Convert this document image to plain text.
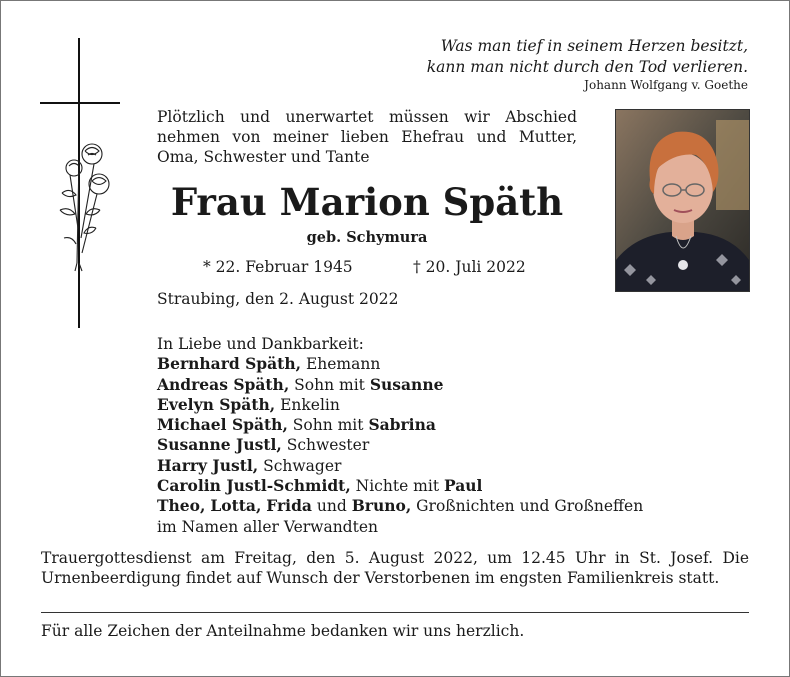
Was man tief in seinem Herzen besitzt,
kann man nicht durch den Tod verlieren.
Johann Wolfgang v. Goethe
Plötzlich und unerwartet müssen wir Abschied nehmen von meiner lieben Ehefrau und Mutter, Oma, Schwester und Tante
Frau Marion Späth
geb. Schymura
* 22. Februar 1945	† 20. Juli 2022
Straubing, den 2. August 2022
In Liebe und Dankbarkeit:
Bernhard Späth, Ehemann
Andreas Späth, Sohn mit Susanne
Evelyn Späth, Enkelin
Michael Späth, Sohn mit Sabrina
Susanne Justl, Schwester
Harry Justl, Schwager
Carolin Justl-Schmidt, Nichte mit Paul
Theo, Lotta, Frida und Bruno, Großnichten und Großneffen
im Namen aller Verwandten
Trauergottesdienst am Freitag, den 5. August 2022, um 12.45 Uhr in St. Josef. Die Urnenbeerdigung findet auf Wunsch der Verstorbenen im engsten Familienkreis statt.
Für alle Zeichen der Anteilnahme bedanken wir uns herzlich.
